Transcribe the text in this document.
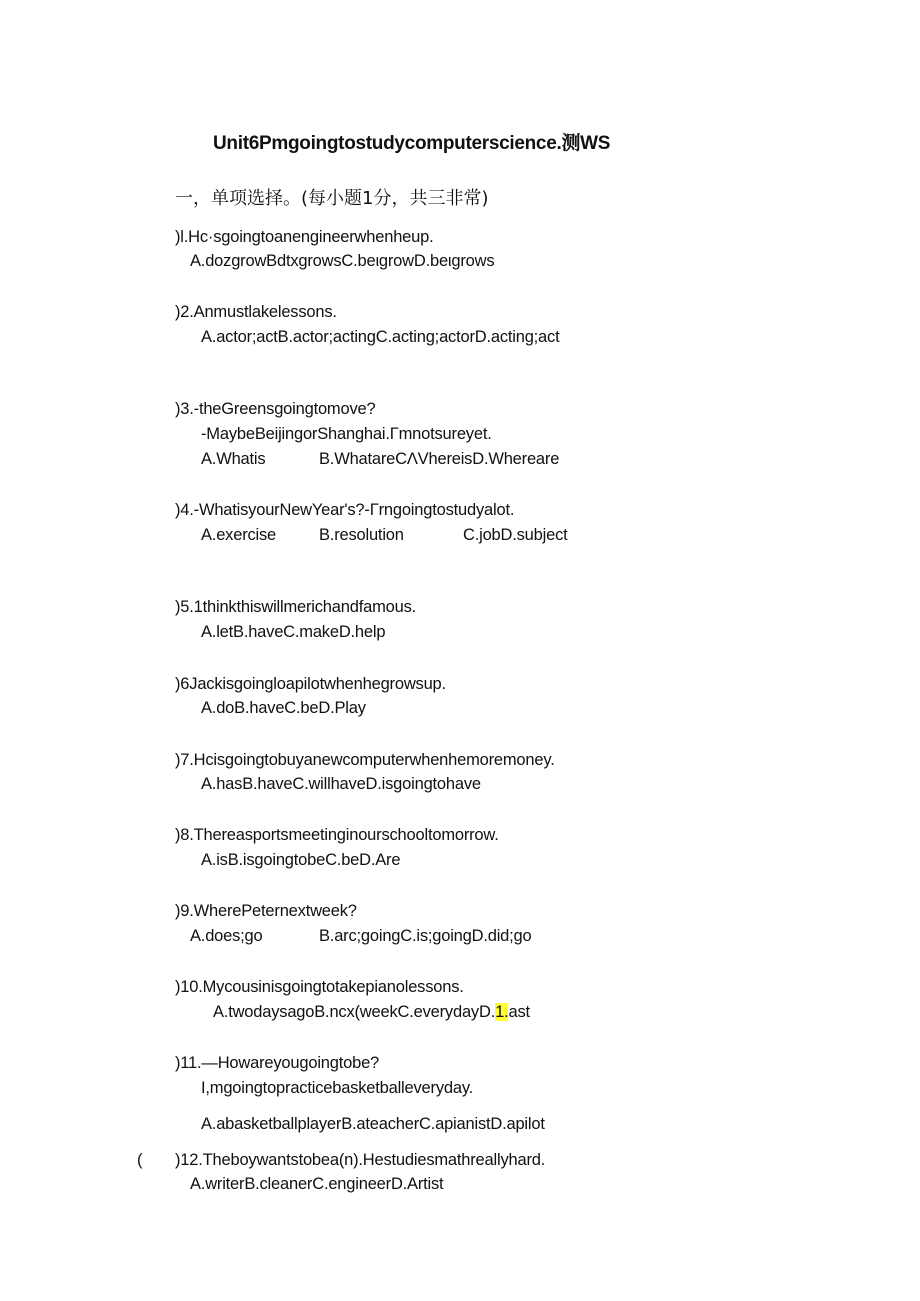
Unit6Pmgoingtostudycomputerscience.测WS
一，单项选择。(每小题1分，共三非常)
)l.Hc·sgoingtoanengineerwhenheup.
A.dozgrowBdtxgrowsC.beιgrowD.beιgrows
)2.Anmustlakelessons.
A.actor;actB.actor;actingC.acting;actorD.acting;act
)3.-theGreensgoingtomove?
-MaybeBeijingorShanghai.Γmnotsureyet.
A.Whatis	B.WhatareCΛVhereisD.Whereare
)4.-WhatisyourNewYear's?-Γrngoingtostudyalot.
A.exercise	B.resolution	C.jobD.subject
)5.1thinkthiswillmerichandfamous.
A.letB.haveC.makeD.help
)6Jackisgoingloapilotwhenhegrowsup.
A.doB.haveC.beD.Play
)7.Hcisgoingtobuyanewcomputerwhenhemoremoney.
A.hasB.haveC.willhaveD.isgoingtohave
)8.Thereasportsmeetinginourschooltomorrow.
A.isB.isgoingtobeC.beD.Are
)9.WherePeternextweek?
A.does;go	B.arc;goingC.is;goingD.did;go
)10.Mycousinisgoingtotakepianolessons.
A.twodaysagoB.ncx(weekC.everydayD.1.ast
)11.—Howareyougoingtobe?
I,mgoingtopracticebasketballeveryday.
A.abasketballplayerB.ateacherC.apianistD.apilot
( )12.Theboywantstobea(n).Hestudiesmathreallyhard.
A.writerB.cleanerC.engineerD.Artist
